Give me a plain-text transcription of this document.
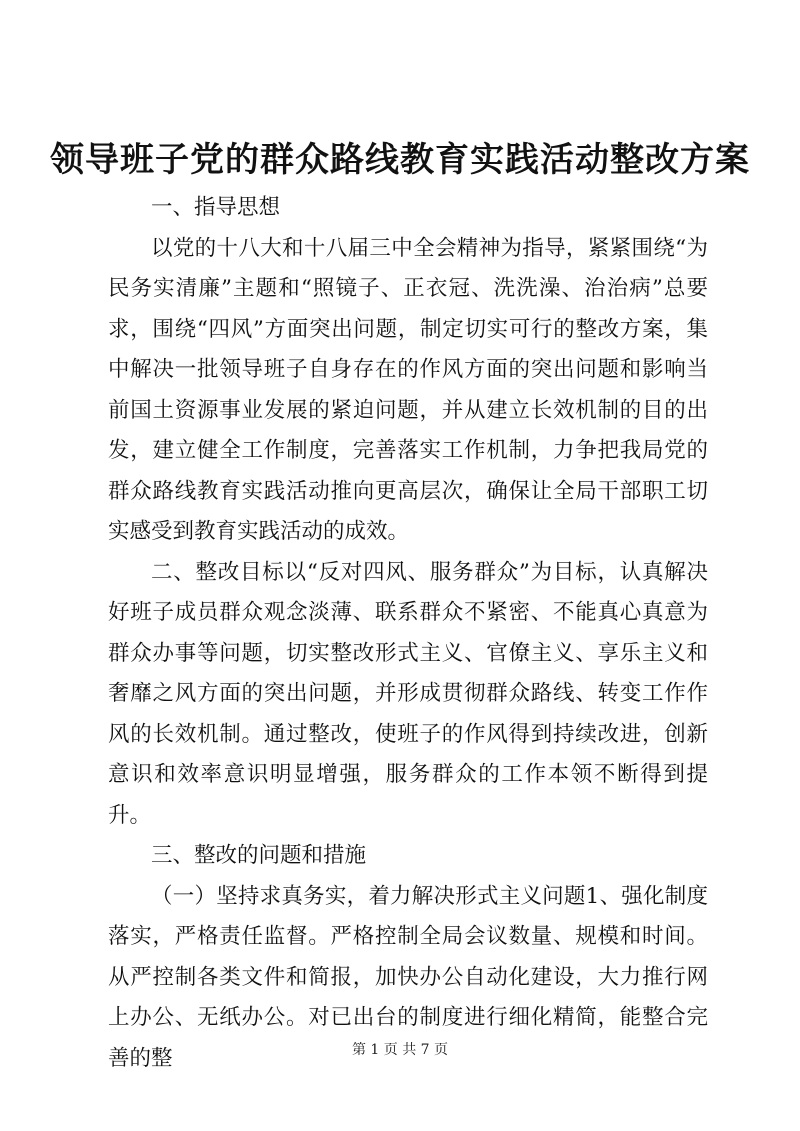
领导班子党的群众路线教育实践活动整改方案

一、指导思想

以党的十八大和十八届三中全会精神为指导，紧紧围绕“为民务实清廉”主题和“照镜子、正衣冠、洗洗澡、治治病”总要求，围绕“四风”方面突出问题，制定切实可行的整改方案，集中解决一批领导班子自身存在的作风方面的突出问题和影响当前国土资源事业发展的紧迫问题，并从建立长效机制的目的出发，建立健全工作制度，完善落实工作机制，力争把我局党的群众路线教育实践活动推向更高层次，确保让全局干部职工切实感受到教育实践活动的成效。

二、整改目标以“反对四风、服务群众”为目标，认真解决好班子成员群众观念淡薄、联系群众不紧密、不能真心真意为群众办事等问题，切实整改形式主义、官僚主义、享乐主义和奢靡之风方面的突出问题，并形成贯彻群众路线、转变工作作风的长效机制。通过整改，使班子的作风得到持续改进，创新意识和效率意识明显增强，服务群众的工作本领不断得到提升。

三、整改的问题和措施

（一）坚持求真务实，着力解决形式主义问题1、强化制度落实，严格责任监督。严格控制全局会议数量、规模和时间。从严控制各类文件和简报，加快办公自动化建设，大力推行网上办公、无纸办公。对已出台的制度进行细化精简，能整合完善的整	第 1 页 共 7 页
